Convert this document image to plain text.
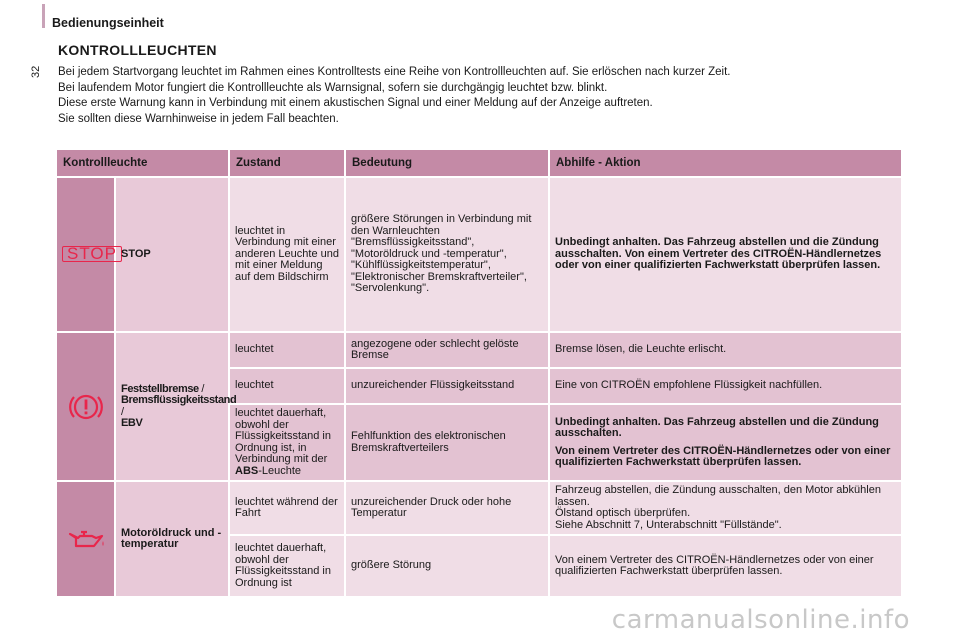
Bedienungseinheit
32
KONTROLLLEUCHTEN

Bei jedem Startvorgang leuchtet im Rahmen eines Kontrolltests eine Reihe von Kontrollleuchten auf. Sie erlöschen nach kurzer Zeit.

Bei laufendem Motor fungiert die Kontrollleuchte als Warnsignal, sofern sie durchgängig leuchtet bzw. blinkt.

Diese erste Warnung kann in Verbindung mit einem akustischen Signal und einer Meldung auf der Anzeige auftreten.

Sie sollten diese Warnhinweise in jedem Fall beachten.

Kontrollleuchte		Zustand	Bedeutung	Abhilfe - Aktion
STOP	STOP	leuchtet in Verbindung mit einer anderen Leuchte und mit einer Meldung auf dem Bildschirm	größere Störungen in Verbindung mit den Warnleuchten "Bremsflüssigkeitsstand", "Motoröldruck und -temperatur", "Kühlflüssigkeitstemperatur", "Elektronischer Bremskraftverteiler", "Servolenkung".	Unbedingt anhalten. Das Fahrzeug abstellen und die Zündung ausschalten. Von einem Vertreter des CITROËN-Händlernetzes oder von einer qualifizierten Fachwerkstatt überprüfen lassen.

	Feststellbremse /
Bremsflüssigkeitsstand /
EBV	leuchtet	angezogene oder schlecht gelöste Bremse	Bremse lösen, die Leuchte erlischt.
		leuchtet	unzureichender Flüssigkeitsstand	Eine von CITROËN empfohlene Flüssigkeit nachfüllen.
		leuchtet dauerhaft, obwohl der Flüssigkeitsstand in Ordnung ist, in Verbindung mit der ABS-Leuchte	Fehlfunktion des elektronischen Bremskraftverteilers	Unbedingt anhalten. Das Fahrzeug abstellen und die Zündung ausschalten.

Von einem Vertreter des CITROËN-Händlernetzes oder von einer qualifizierten Fachwerkstatt überprüfen lassen.

	Motoröldruck und -temperatur	leuchtet während der Fahrt	unzureichender Druck oder hohe Temperatur	Fahrzeug abstellen, die Zündung ausschalten, den Motor abkühlen lassen.
Ölstand optisch überprüfen.
Siehe Abschnitt 7, Unterabschnitt "Füllstände".
		leuchtet dauerhaft, obwohl der Flüssigkeitsstand in Ordnung ist	größere Störung	Von einem Vertreter des CITROËN-Händlernetzes oder von einer qualifizierten Fachwerkstatt überprüfen lassen.
carmanualsonline.info
